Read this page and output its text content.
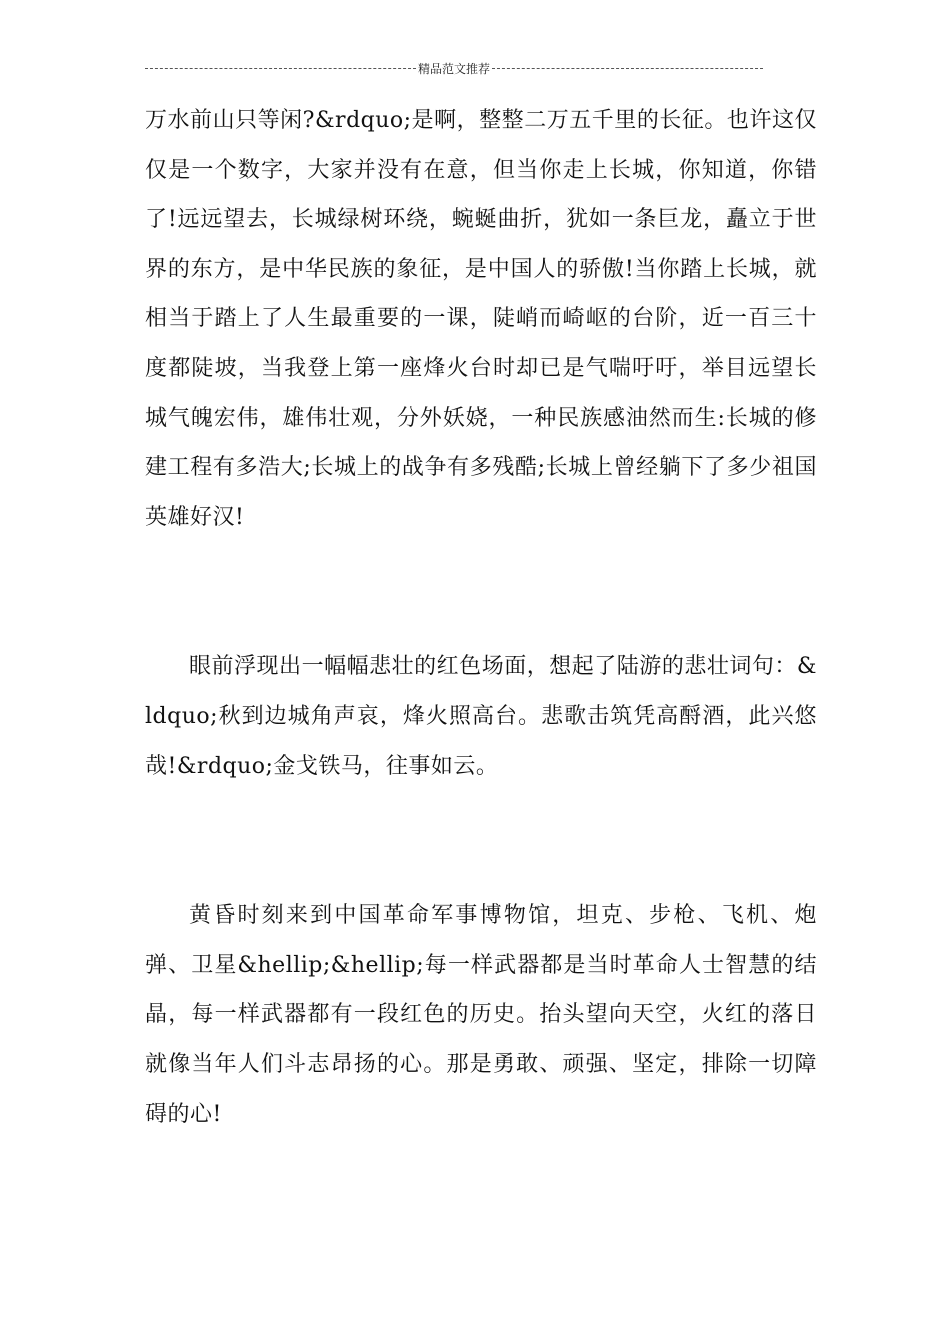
精品范文推荐

万水前山只等闲?&rdquo;是啊，整整二万五千里的长征。也许这仅仅是一个数字，大家并没有在意，但当你走上长城，你知道，你错了!远远望去，长城绿树环绕，蜿蜒曲折，犹如一条巨龙，矗立于世界的东方，是中华民族的象征，是中国人的骄傲!当你踏上长城，就相当于踏上了人生最重要的一课，陡峭而崎岖的台阶，近一百三十度都陡坡，当我登上第一座烽火台时却已是气喘吁吁，举目远望长城气魄宏伟，雄伟壮观，分外妖娆，一种民族感油然而生:长城的修建工程有多浩大;长城上的战争有多残酷;长城上曾经躺下了多少祖国英雄好汉!

眼前浮现出一幅幅悲壮的红色场面，想起了陆游的悲壮词句：&ldquo;秋到边城角声哀，烽火照高台。悲歌击筑凭高酹酒，此兴悠哉!&rdquo;金戈铁马，往事如云。

黄昏时刻来到中国革命军事博物馆，坦克、步枪、飞机、炮弹、卫星&hellip;&hellip;每一样武器都是当时革命人士智慧的结晶，每一样武器都有一段红色的历史。抬头望向天空，火红的落日就像当年人们斗志昂扬的心。那是勇敢、顽强、坚定，排除一切障碍的心!
